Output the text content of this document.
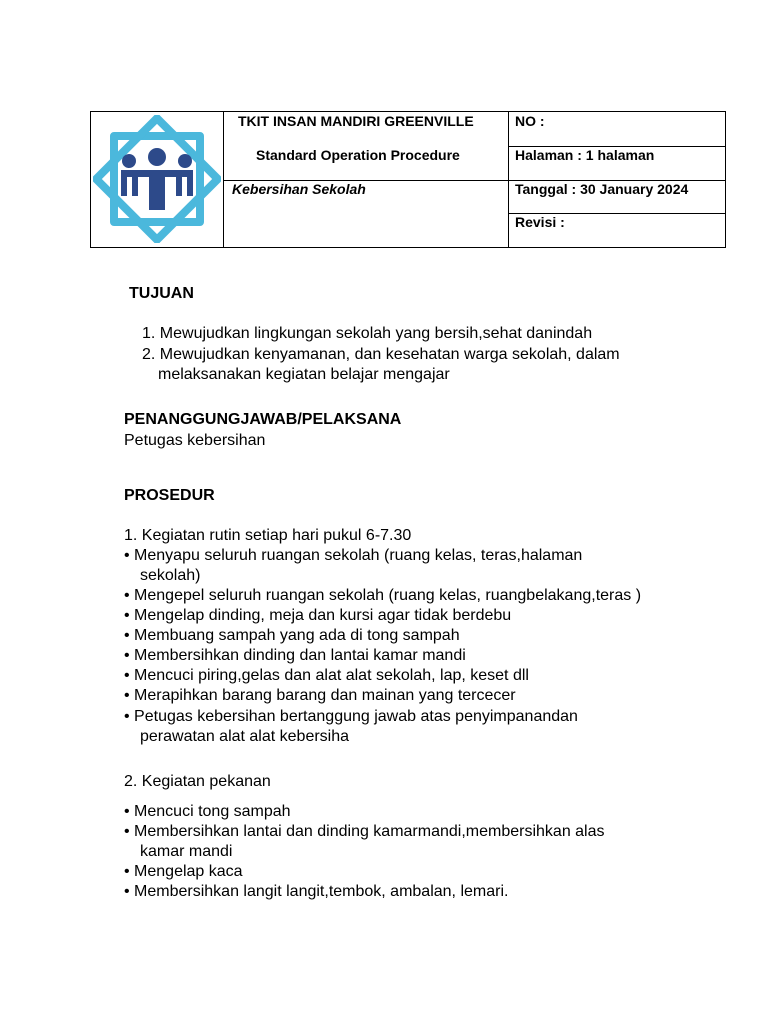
TKIT INSAN MANDIRI GREENVILLE
Standard Operation Procedure
Kebersihan Sekolah
NO :
Halaman : 1 halaman
Tanggal : 30 January 2024
Revisi :
TUJUAN
1. Mewujudkan lingkungan sekolah yang bersih,sehat danindah
2. Mewujudkan kenyamanan, dan kesehatan warga sekolah, dalam
melaksanakan kegiatan belajar mengajar
PENANGGUNGJAWAB/PELAKSANA
Petugas kebersihan
PROSEDUR
1. Kegiatan rutin setiap hari pukul 6-7.30
• Menyapu seluruh ruangan sekolah (ruang kelas, teras,halaman
sekolah)
• Mengepel seluruh ruangan sekolah (ruang kelas, ruangbelakang,teras )
• Mengelap dinding, meja dan kursi agar tidak berdebu
• Membuang sampah yang ada di tong sampah
• Membersihkan dinding dan lantai kamar mandi
• Mencuci piring,gelas dan alat alat sekolah, lap, keset dll
• Merapihkan barang barang dan mainan yang tercecer
• Petugas kebersihan bertanggung jawab atas penyimpanandan
perawatan alat alat kebersiha
2. Kegiatan pekanan
• Mencuci tong sampah
• Membersihkan lantai dan dinding kamarmandi,membersihkan alas
kamar mandi
• Mengelap kaca
• Membersihkan langit langit,tembok, ambalan, lemari.
